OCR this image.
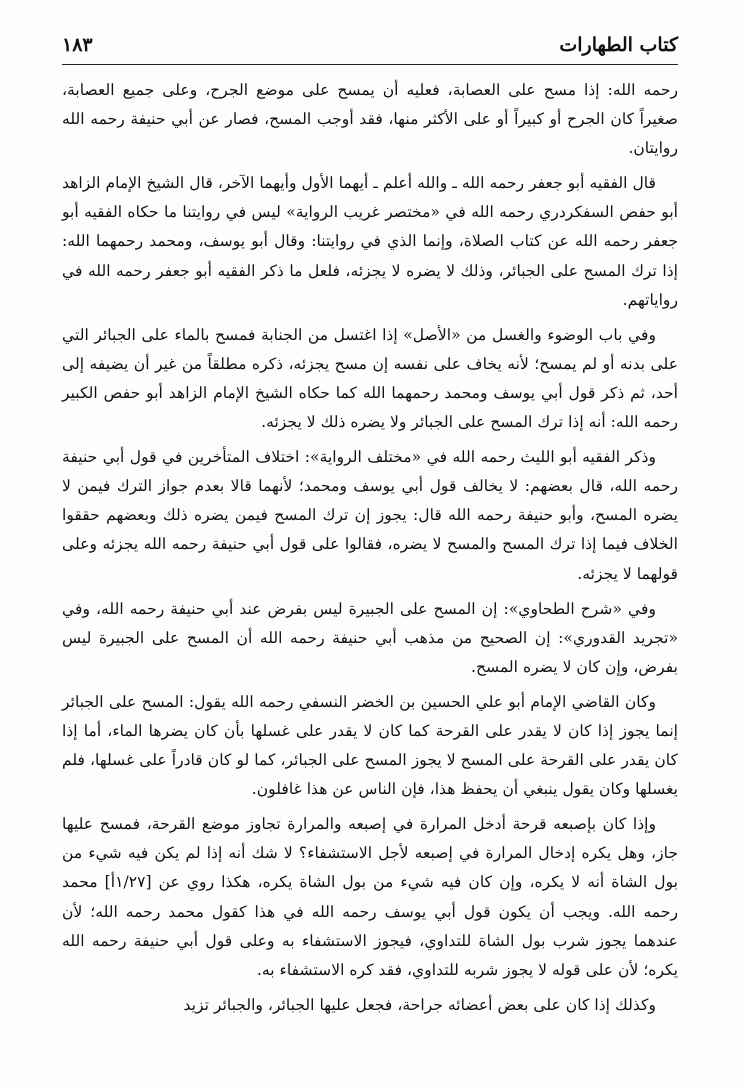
كتاب الطهارات
١٨٣

رحمه الله: إذا مسح على العصابة، فعليه أن يمسح على موضع الجرح، وعلى جميع العصابة، صغيراً كان الجرح أو كبيراً أو على الأكثر منها، فقد أوجب المسح، فصار عن أبي حنيفة رحمه الله روايتان.

قال الفقيه أبو جعفر رحمه الله ـ والله أعلم ـ أيهما الأول وأيهما الآخر، قال الشيخ الإمام الزاهد أبو حفص السفكردري رحمه الله في «مختصر غريب الرواية» ليس في روايتنا ما حكاه الفقيه أبو جعفر رحمه الله عن كتاب الصلاة، وإنما الذي في روايتنا: وقال أبو يوسف، ومحمد رحمهما الله: إذا ترك المسح على الجبائر، وذلك لا يضره لا يجزئه، فلعل ما ذكر الفقيه أبو جعفر رحمه الله في رواياتهم.

وفي باب الوضوء والغسل من «الأصل» إذا اغتسل من الجنابة فمسح بالماء على الجبائر التي على بدنه أو لم يمسح؛ لأنه يخاف على نفسه إن مسح يجزئه، ذكره مطلقاً من غير أن يضيفه إلى أحد، ثم ذكر قول أبي يوسف ومحمد رحمهما الله كما حكاه الشيخ الإمام الزاهد أبو حفص الكبير رحمه الله: أنه إذا ترك المسح على الجبائر ولا يضره ذلك لا يجزئه.

وذكر الفقيه أبو الليث رحمه الله في «مختلف الرواية»: اختلاف المتأخرين في قول أبي حنيفة رحمه الله، قال بعضهم: لا يخالف قول أبي يوسف ومحمد؛ لأنهما قالا بعدم جواز الترك فيمن لا يضره المسح، وأبو حنيفة رحمه الله قال: يجوز إن ترك المسح فيمن يضره ذلك وبعضهم حققوا الخلاف فيما إذا ترك المسح والمسح لا يضره، فقالوا على قول أبي حنيفة رحمه الله يجزئه وعلى قولهما لا يجزئه.

وفي «شرح الطحاوي»: إن المسح على الجبيرة ليس بفرض عند أبي حنيفة رحمه الله، وفي «تجريد القدوري»: إن الصحيح من مذهب أبي حنيفة رحمه الله أن المسح على الجبيرة ليس بفرض، وإن كان لا يضره المسح.

وكان القاضي الإمام أبو علي الحسين بن الخضر النسفي رحمه الله يقول: المسح على الجبائر إنما يجوز إذا كان لا يقدر على القرحة كما كان لا يقدر على غسلها بأن كان يضرها الماء، أما إذا كان يقدر على القرحة على المسح لا يجوز المسح على الجبائر، كما لو كان قادراً على غسلها، فلم يغسلها وكان يقول ينبغي أن يحفظ هذا، فإن الناس عن هذا غافلون.

وإذا كان بإصبعه قرحة أدخل المرارة في إصبعه والمرارة تجاوز موضع القرحة، فمسح عليها جاز، وهل يكره إدخال المرارة في إصبعه لأجل الاستشفاء؟ لا شك أنه إذا لم يكن فيه شيء من بول الشاة أنه لا يكره، وإن كان فيه شيء من بول الشاة يكره، هكذا روي عن [١/٢٧أ] محمد رحمه الله. ويجب أن يكون قول أبي يوسف رحمه الله في هذا كقول محمد رحمه الله؛ لأن عندهما يجوز شرب بول الشاة للتداوي، فيجوز الاستشفاء به وعلى قول أبي حنيفة رحمه الله يكره؛ لأن على قوله لا يجوز شربه للتداوي، فقد كره الاستشفاء به.

وكذلك إذا كان على بعض أعضائه جراحة، فجعل عليها الجبائر، والجبائر تزيد
